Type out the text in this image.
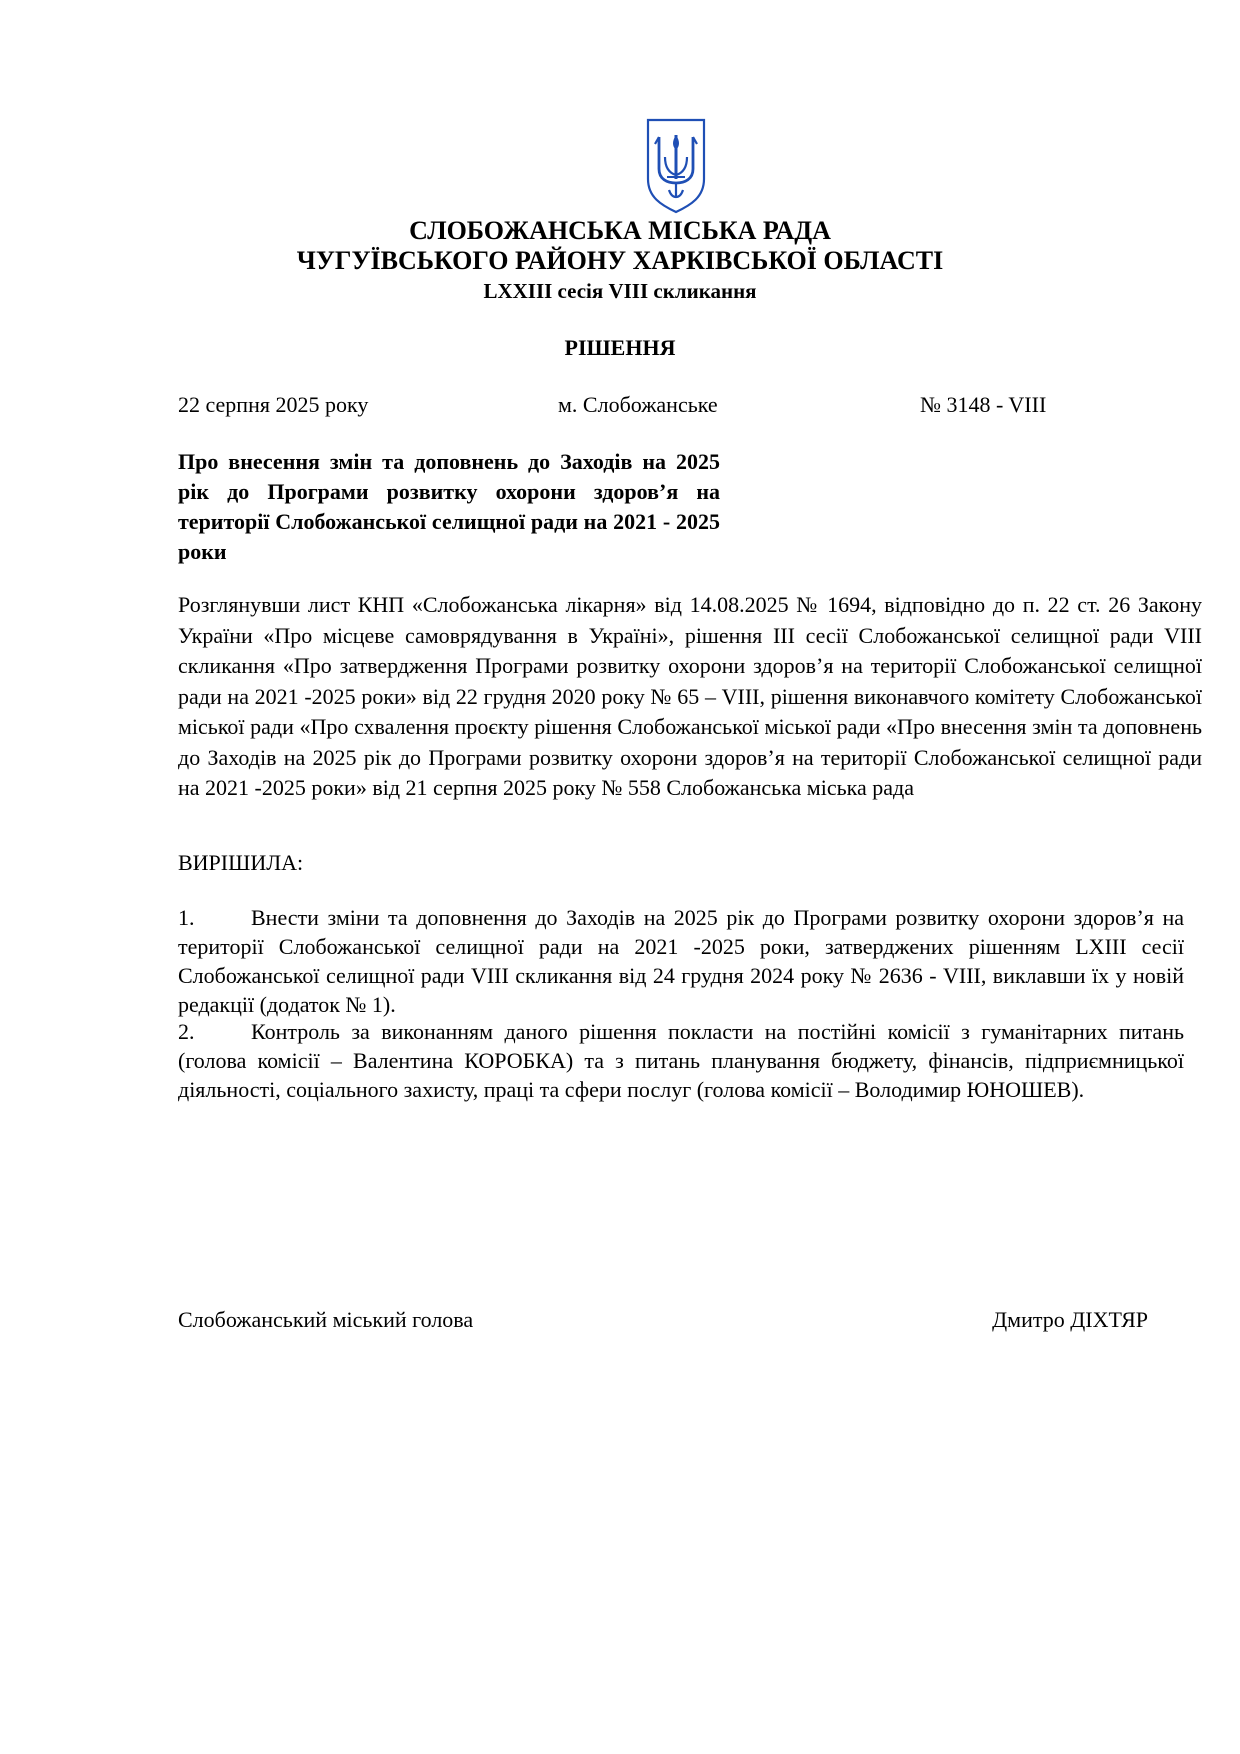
СЛОБОЖАНСЬКА МІСЬКА РАДА
ЧУГУЇВСЬКОГО РАЙОНУ ХАРКІВСЬКОЇ ОБЛАСТІ
LXXIII сесія VIII скликання
РІШЕННЯ
22 серпня 2025 року	м. Слобожанське	№ 3148 - VIII
Про внесення змін та доповнень до Заходів на 2025 рік до Програми розвитку охорони здоров’я на території Слобожанської селищної ради на 2021 - 2025 роки
Розглянувши лист КНП «Слобожанська лікарня» від 14.08.2025 № 1694, відповідно до п. 22 ст. 26 Закону України «Про місцеве самоврядування в Україні», рішення ІІІ сесії Слобожанської селищної ради VIII скликання «Про затвердження Програми розвитку охорони здоров’я на території Слобожанської селищної ради на 2021 -2025 роки» від 22 грудня 2020 року № 65 – VIII, рішення виконавчого комітету Слобожанської міської ради «Про схвалення проєкту рішення Слобожанської міської ради «Про внесення змін та доповнень до Заходів на 2025 рік до Програми розвитку охорони здоров’я на території Слобожанської селищної ради на 2021 -2025 роки» від 21 серпня 2025 року № 558 Слобожанська міська рада
ВИРІШИЛА:
1.	Внести зміни та доповнення до Заходів на 2025 рік до Програми розвитку охорони здоров’я на території Слобожанської селищної ради на 2021 -2025 роки, затверджених рішенням LXIII сесії Слобожанської селищної ради VIII скликання від 24 грудня 2024 року № 2636 - VIII, виклавши їх у новій редакції (додаток № 1).
2.	Контроль за виконанням даного рішення покласти на постійні комісії з гуманітарних питань (голова комісії – Валентина КОРОБКА) та з питань планування бюджету, фінансів, підприємницької діяльності, соціального захисту, праці та сфери послуг (голова комісії – Володимир ЮНОШЕВ).
Слобожанський міський голова	Дмитро ДІХТЯР
